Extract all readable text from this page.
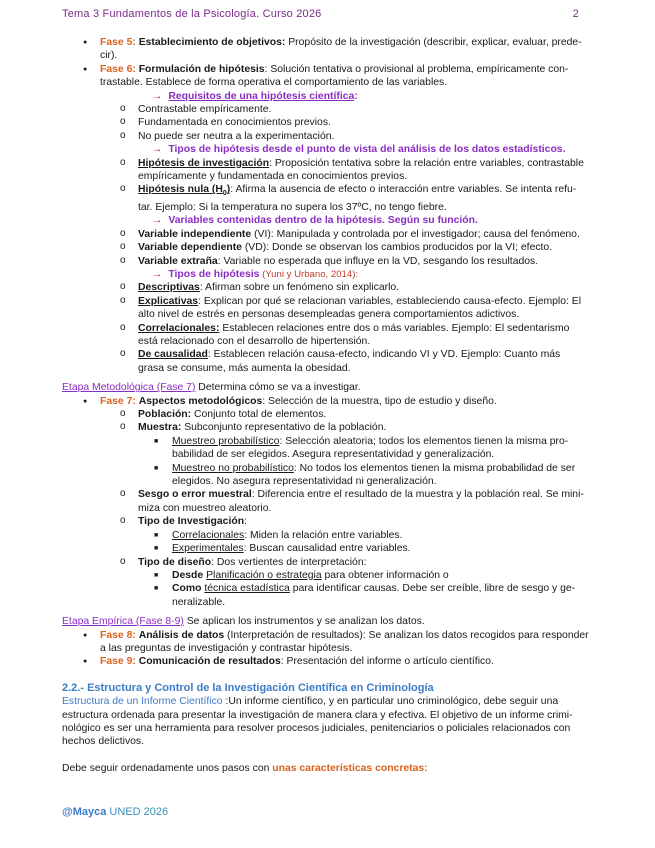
Tema 3 Fundamentos de la Psicología. Curso 2026	2
● Fase 5: Establecimiento de objetivos: Propósito de la investigación (describir, explicar, evaluar, prede-
cir).
● Fase 6: Formulación de hipótesis: Solución tentativa o provisional al problema, empíricamente con-
trastable. Establece de forma operativa el comportamiento de las variables.
→ Requisitos de una hipótesis científica:
o Contrastable empíricamente.
o Fundamentada en conocimientos previos.
o No puede ser neutra a la experimentación.
→ Tipos de hipótesis desde el punto de vista del análisis de los datos estadísticos.
o Hipótesis de investigación: Proposición tentativa sobre la relación entre variables, contrastable
empíricamente y fundamentada en conocimientos previos.
o Hipótesis nula $(H_0)$: Afirma la ausencia de efecto o interacción entre variables. Se intenta refu-
tar. Ejemplo: Si la temperatura no supera los 37ºC, no tengo fiebre.
→ Variables contenidas dentro de la hipótesis. Según su función.
o Variable independiente (VI): Manipulada y controlada por el investigador; causa del fenómeno.
o Variable dependiente (VD): Donde se observan los cambios producidos por la VI; efecto.
o Variable extraña: Variable no esperada que influye en la VD, sesgando los resultados.
→ Tipos de hipótesis (Yuni y Urbano, 2014):
o Descriptivas: Afirman sobre un fenómeno sin explicarlo.
o Explicativas: Explican por qué se relacionan variables, estableciendo causa-efecto. Ejemplo: El
alto nivel de estrés en personas desempleadas genera comportamientos adictivos.
o Correlacionales: Establecen relaciones entre dos o más variables. Ejemplo: El sedentarismo
está relacionado con el desarrollo de hipertensión.
o De causalidad: Establecen relación causa-efecto, indicando VI y VD. Ejemplo: Cuanto más
grasa se consume, más aumenta la obesidad.
Etapa Metodológica (Fase 7) Determina cómo se va a investigar.
● Fase 7: Aspectos metodológicos: Selección de la muestra, tipo de estudio y diseño.
o Población: Conjunto total de elementos.
o Muestra: Subconjunto representativo de la población.
■ Muestreo probabilístico: Selección aleatoria; todos los elementos tienen la misma pro-
babilidad de ser elegidos. Asegura representatividad y generalización.
■ Muestreo no probabilístico: No todos los elementos tienen la misma probabilidad de ser
elegidos. No asegura representatividad ni generalización.
o Sesgo o error muestral: Diferencia entre el resultado de la muestra y la población real. Se mini-
miza con muestreo aleatorio.
o Tipo de Investigación:
■ Correlacionales: Miden la relación entre variables.
■ Experimentales: Buscan causalidad entre variables.
o Tipo de diseño: Dos vertientes de interpretación:
■ Desde Planificación o estrategia para obtener información o
■ Como técnica estadística para identificar causas. Debe ser creíble, libre de sesgo y ge-
neralizable.
Etapa Empírica (Fase 8-9) Se aplican los instrumentos y se analizan los datos.
● Fase 8: Análisis de datos (Interpretación de resultados): Se analizan los datos recogidos para responder
a las preguntas de investigación y contrastar hipótesis.
● Fase 9: Comunicación de resultados: Presentación del informe o artículo científico.
2.2.- Estructura y Control de la Investigación Científica en Criminología
Estructura de un Informe Científico :Un informe científico, y en particular uno criminológico, debe seguir una
estructura ordenada para presentar la investigación de manera clara y efectiva. El objetivo de un informe crimi-
nológico es ser una herramienta para resolver procesos judiciales, penitenciarios o policiales relacionados con
hechos delictivos.
Debe seguir ordenadamente unos pasos con unas características concretas:
@Mayca UNED 2026
